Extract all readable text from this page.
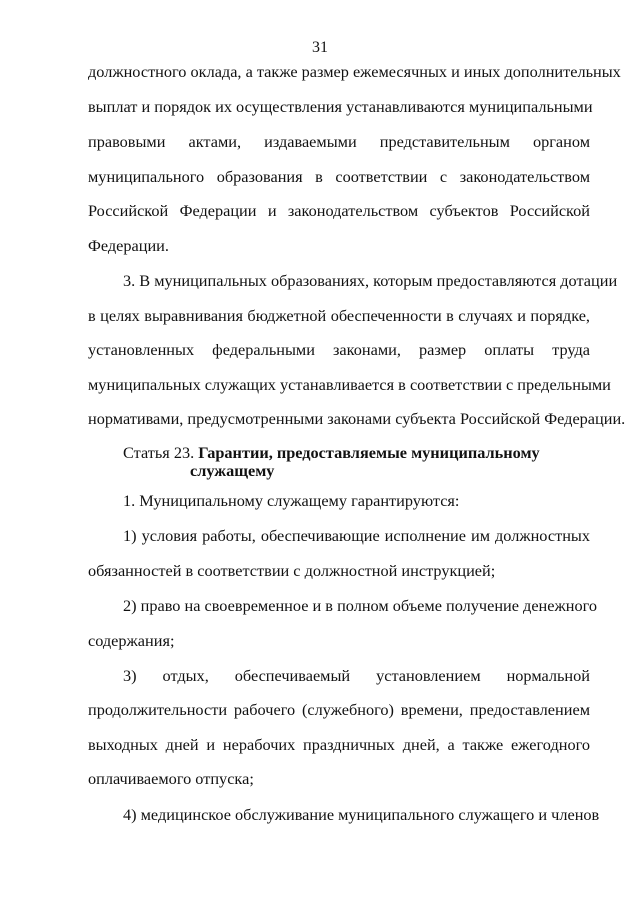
31
должностного оклада, а также размер ежемесячных и иных дополнительных
выплат и порядок их осуществления устанавливаются муниципальными
правовыми актами, издаваемыми представительным органом
муниципального образования в соответствии с законодательством
Российской Федерации и законодательством субъектов Российской
Федерации.
3. В муниципальных образованиях, которым предоставляются дотации
в целях выравнивания бюджетной обеспеченности в случаях и порядке,
установленных федеральными законами, размер оплаты труда
муниципальных служащих устанавливается в соответствии с предельными
нормативами, предусмотренными законами субъекта Российской Федерации.
Статья 23. Гарантии, предоставляемые муниципальному
служащему
1. Муниципальному служащему гарантируются:
1) условия работы, обеспечивающие исполнение им должностных
обязанностей в соответствии с должностной инструкцией;
2) право на своевременное и в полном объеме получение денежного
содержания;
3) отдых, обеспечиваемый установлением нормальной
продолжительности рабочего (служебного) времени, предоставлением
выходных дней и нерабочих праздничных дней, а также ежегодного
оплачиваемого отпуска;
4) медицинское обслуживание муниципального служащего и членов
